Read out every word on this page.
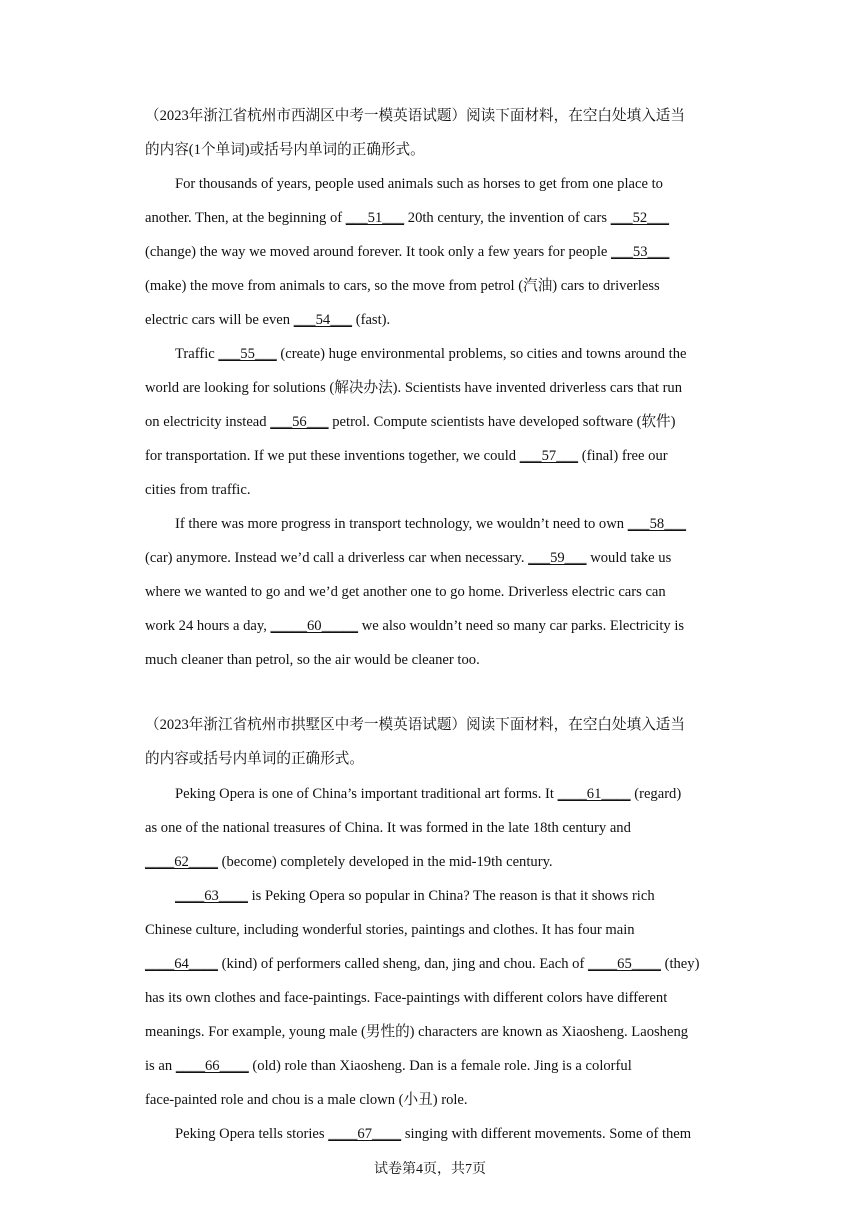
（2023年浙江省杭州市西湖区中考一模英语试题）阅读下面材料，在空白处填入适当
的内容(1个单词)或括号内单词的正确形式。
For thousands of years, people used animals such as horses to get from one place to
another. Then, at the beginning of ___51___ 20th century, the invention of cars ___52___
(change) the way we moved around forever. It took only a few years for people ___53___
(make) the move from animals to cars, so the move from petrol (汽油) cars to driverless
electric cars will be even ___54___ (fast).
Traffic ___55___ (create) huge environmental problems, so cities and towns around the
world are looking for solutions (解决办法). Scientists have invented driverless cars that run
on electricity instead ___56___ petrol. Compute scientists have developed software (软件)
for transportation. If we put these inventions together, we could ___57___ (final) free our
cities from traffic.
If there was more progress in transport technology, we wouldn’t need to own ___58___
(car) anymore. Instead we’d call a driverless car when necessary. ___59___ would take us
where we wanted to go and we’d get another one to go home. Driverless electric cars can
work 24 hours a day, _____60_____ we also wouldn’t need so many car parks. Electricity is
much cleaner than petrol, so the air would be cleaner too.
（2023年浙江省杭州市拱墅区中考一模英语试题）阅读下面材料，在空白处填入适当
的内容或括号内单词的正确形式。
Peking Opera is one of China’s important traditional art forms. It ____61____ (regard)
as one of the national treasures of China. It was formed in the late 18th century and
____62____ (become) completely developed in the mid-19th century.
____63____ is Peking Opera so popular in China? The reason is that it shows rich
Chinese culture, including wonderful stories, paintings and clothes. It has four main
____64____ (kind) of performers called sheng, dan, jing and chou. Each of ____65____ (they)
has its own clothes and face-paintings. Face-paintings with different colors have different
meanings. For example, young male (男性的) characters are known as Xiaosheng. Laosheng
is an ____66____ (old) role than Xiaosheng. Dan is a female role. Jing is a colorful
face-painted role and chou is a male clown (小丑) role.
Peking Opera tells stories ____67____ singing with different movements. Some of them
试卷第4页，共7页
